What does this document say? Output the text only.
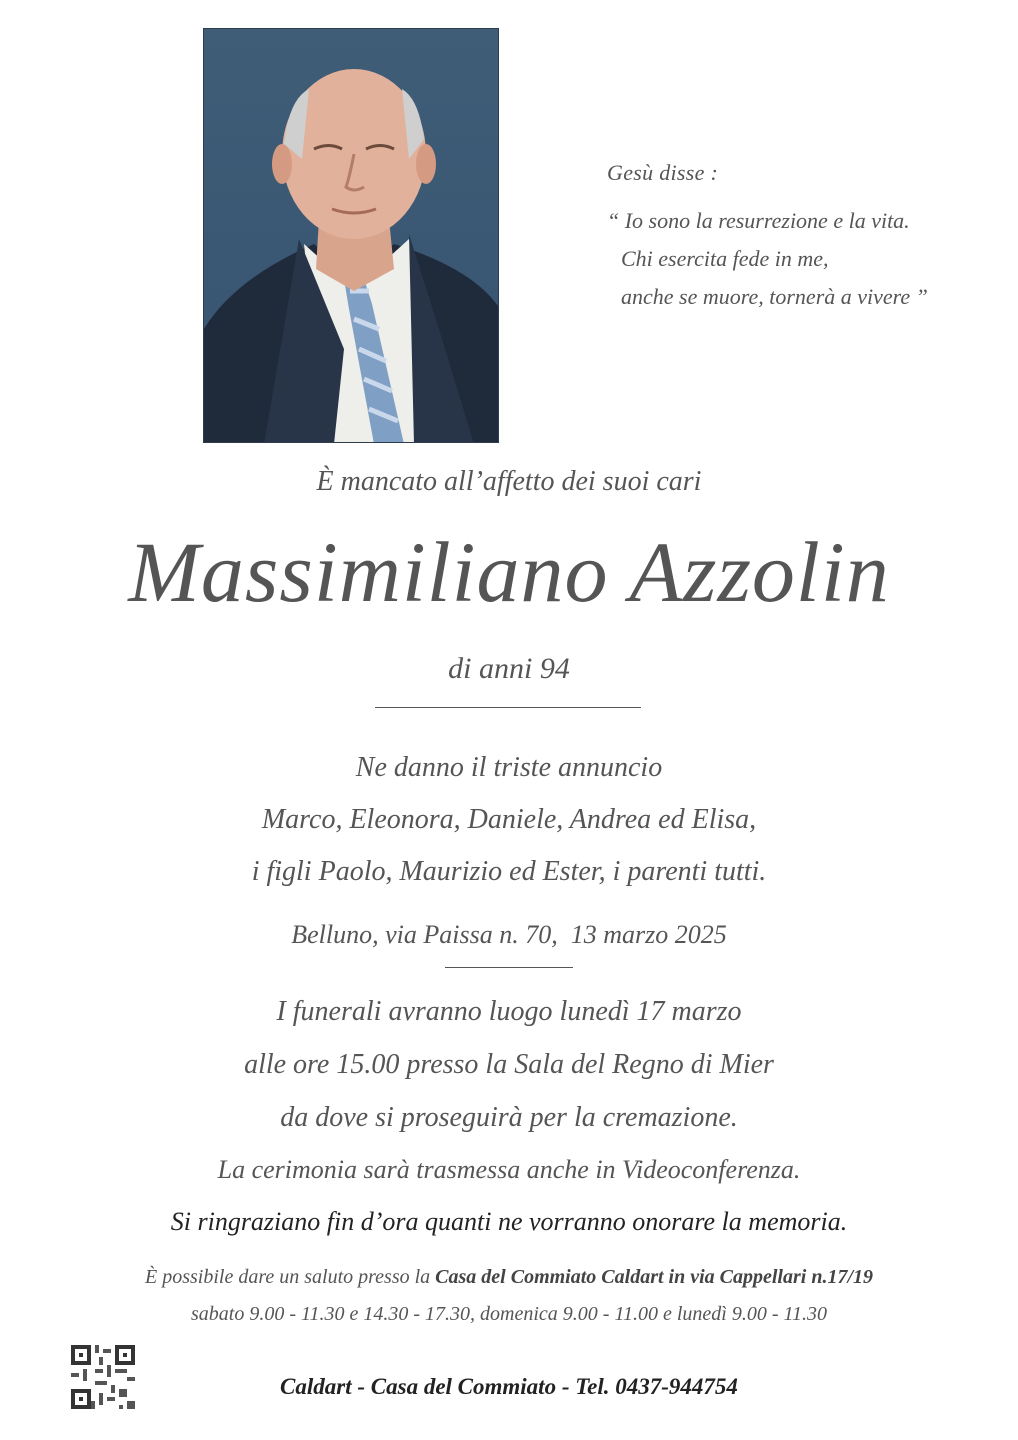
Gesù disse :
“ Io sono la resurrezione e la vita.
Chi esercita fede in me,
anche se muore, tornerà a vivere ”
È mancato all’affetto dei suoi cari
Massimiliano Azzolin
di anni 94
Ne danno il triste annuncio
Marco, Eleonora, Daniele, Andrea ed Elisa,
i figli Paolo, Maurizio ed Ester, i parenti tutti.
Belluno, via Paissa n. 70,  13 marzo 2025
I funerali avranno luogo lunedì 17 marzo
alle ore 15.00 presso la Sala del Regno di Mier
da dove si proseguirà per la cremazione.
La cerimonia sarà trasmessa anche in Videoconferenza.
Si ringraziano fin d’ora quanti ne vorranno onorare la memoria.
È possibile dare un saluto presso la Casa del Commiato Caldart in via Cappellari n.17/19
sabato 9.00 - 11.30 e 14.30 - 17.30, domenica 9.00 - 11.00 e lunedì 9.00 - 11.30
Caldart - Casa del Commiato - Tel. 0437-944754
